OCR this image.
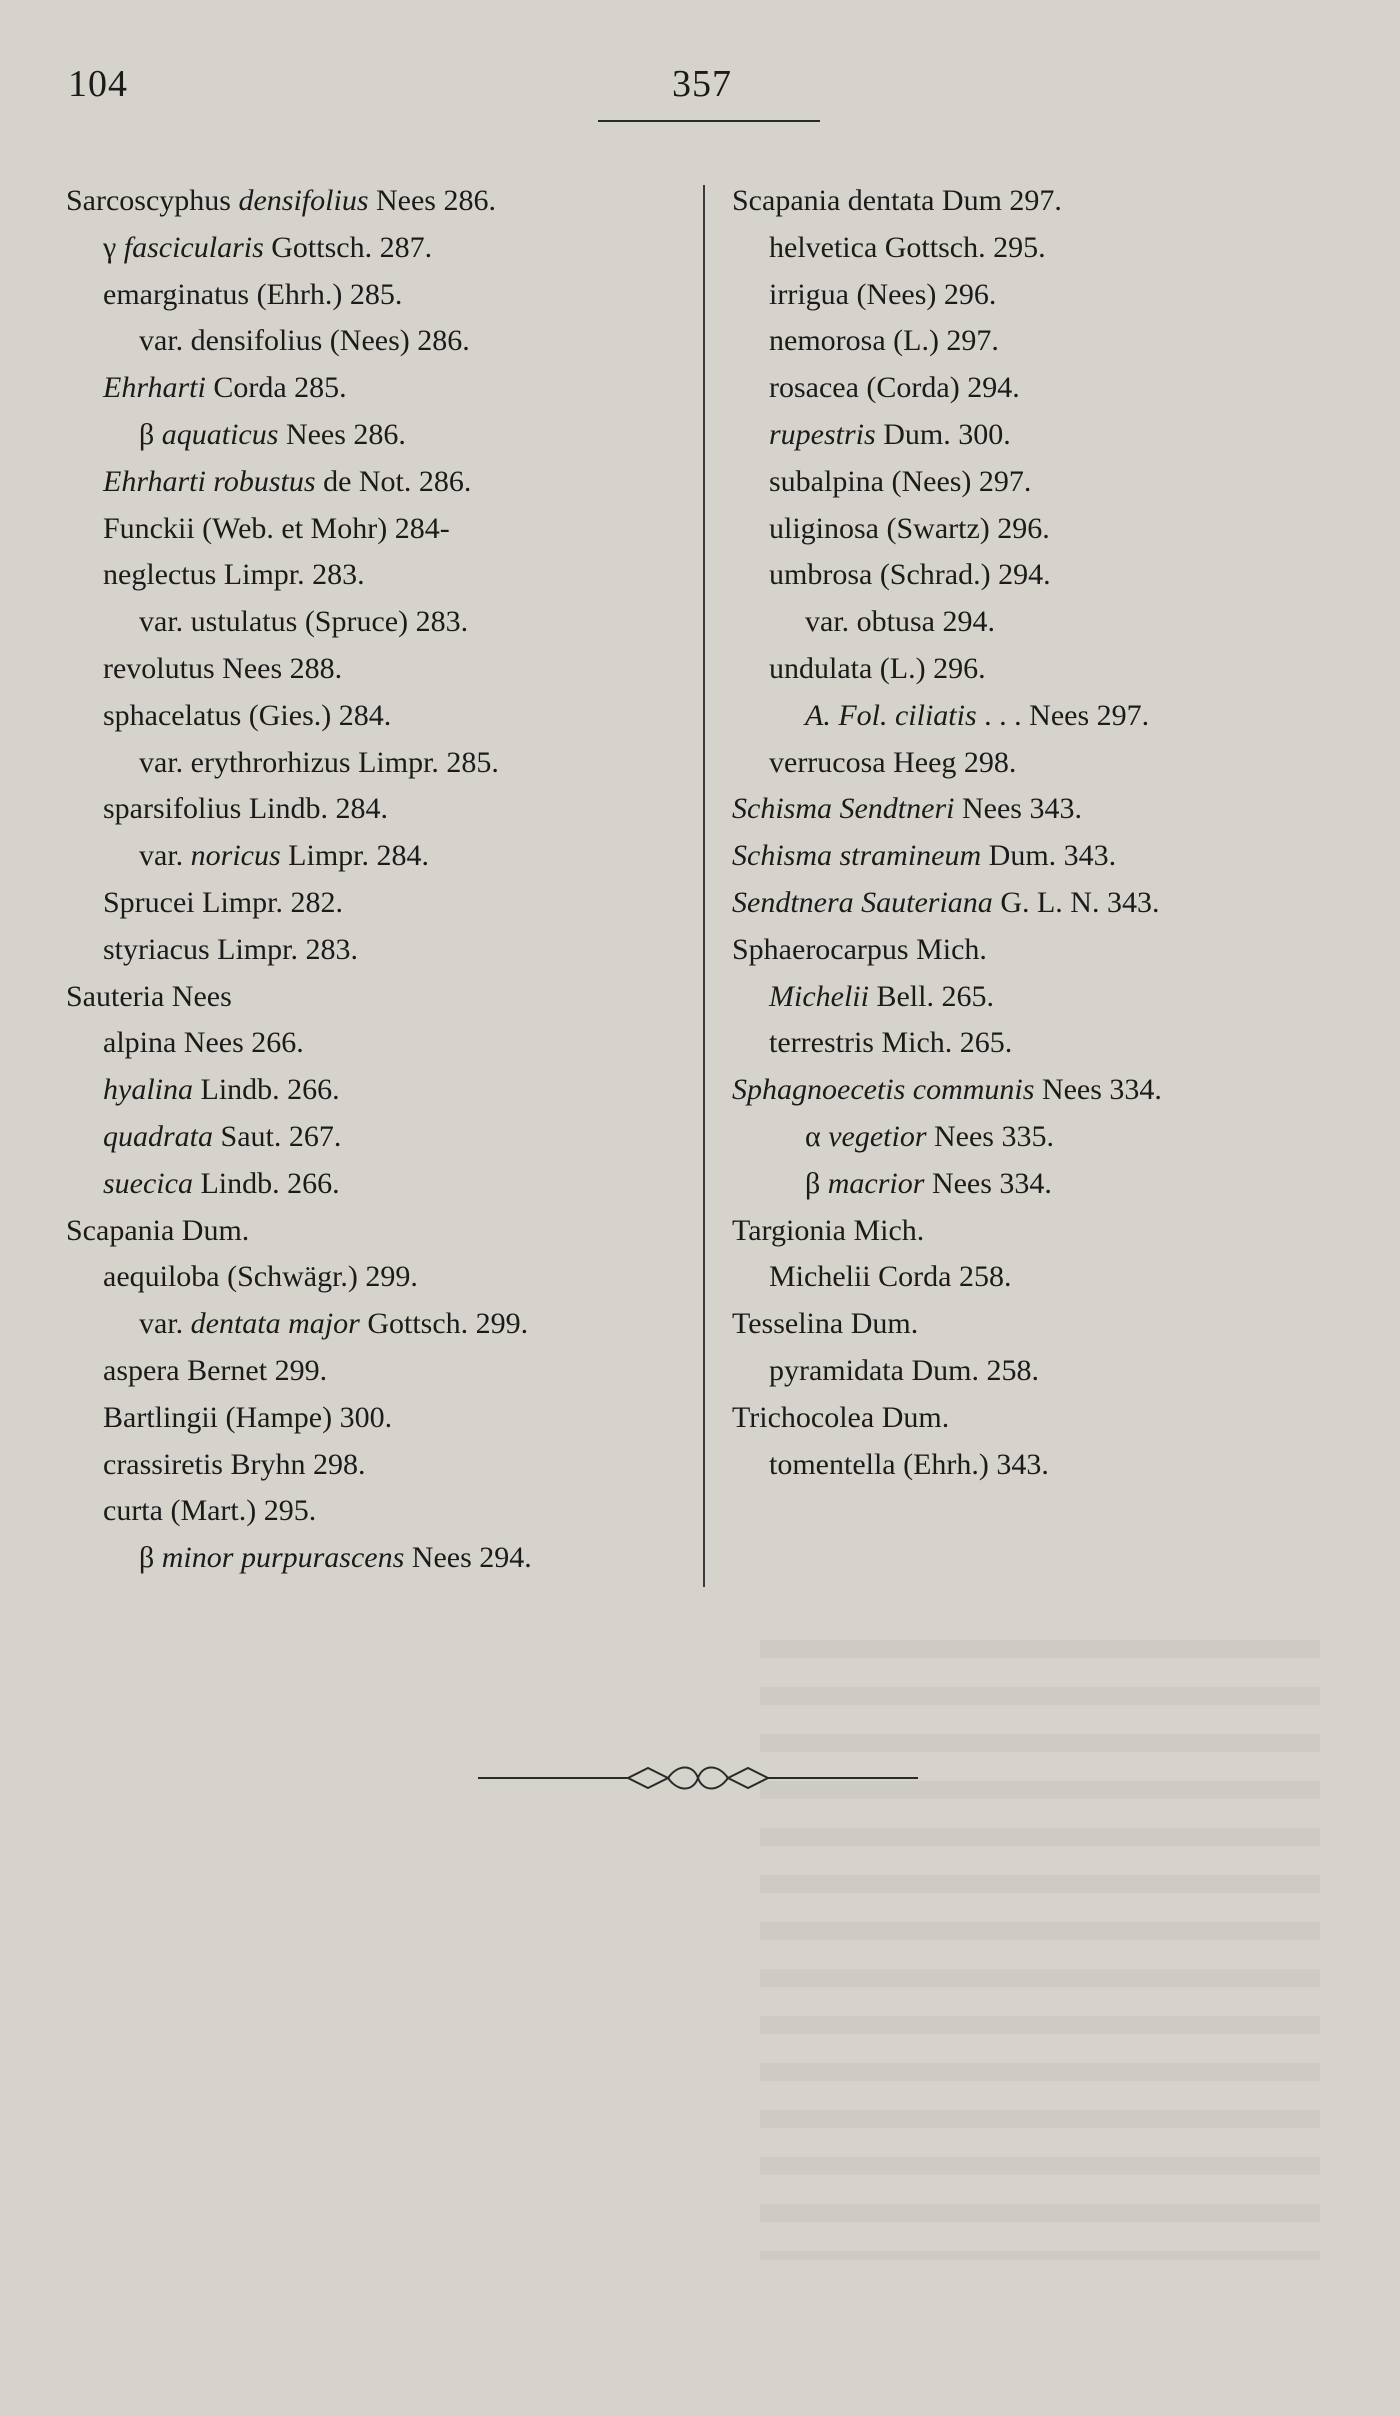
104	357
Sarcoscyphus densifolius Nees 286.
γ fascicularis Gottsch. 287.
emarginatus (Ehrh.) 285.
var. densifolius (Nees) 286.
Ehrharti Corda 285.
β aquaticus Nees 286.
Ehrharti robustus de Not. 286.
Funckii (Web. et Mohr) 284-
neglectus Limpr. 283.
var. ustulatus (Spruce) 283.
revolutus Nees 288.
sphacelatus (Gies.) 284.
var. erythrorhizus Limpr. 285.
sparsifolius Lindb. 284.
var. noricus Limpr. 284.
Sprucei Limpr. 282.
styriacus Limpr. 283.
Sauteria Nees
alpina Nees 266.
hyalina Lindb. 266.
quadrata Saut. 267.
suecica Lindb. 266.
Scapania Dum.
aequiloba (Schwägr.) 299.
var. dentata major Gottsch. 299.
aspera Bernet 299.
Bartlingii (Hampe) 300.
crassiretis Bryhn 298.
curta (Mart.) 295.
β minor purpurascens Nees 294.
Scapania dentata Dum 297.
helvetica Gottsch. 295.
irrigua (Nees) 296.
nemorosa (L.) 297.
rosacea (Corda) 294.
rupestris Dum. 300.
subalpina (Nees) 297.
uliginosa (Swartz) 296.
umbrosa (Schrad.) 294.
var. obtusa 294.
undulata (L.) 296.
A. Fol. ciliatis . . . Nees 297.
verrucosa Heeg 298.
Schisma Sendtneri Nees 343.
Schisma stramineum Dum. 343.
Sendtnera Sauteriana G. L. N. 343.
Sphaerocarpus Mich.
Michelii Bell. 265.
terrestris Mich. 265.
Sphagnoecetis communis Nees 334.
α vegetior Nees 335.
β macrior Nees 334.
Targionia Mich.
Michelii Corda 258.
Tesselina Dum.
pyramidata Dum. 258.
Trichocolea Dum.
tomentella (Ehrh.) 343.
